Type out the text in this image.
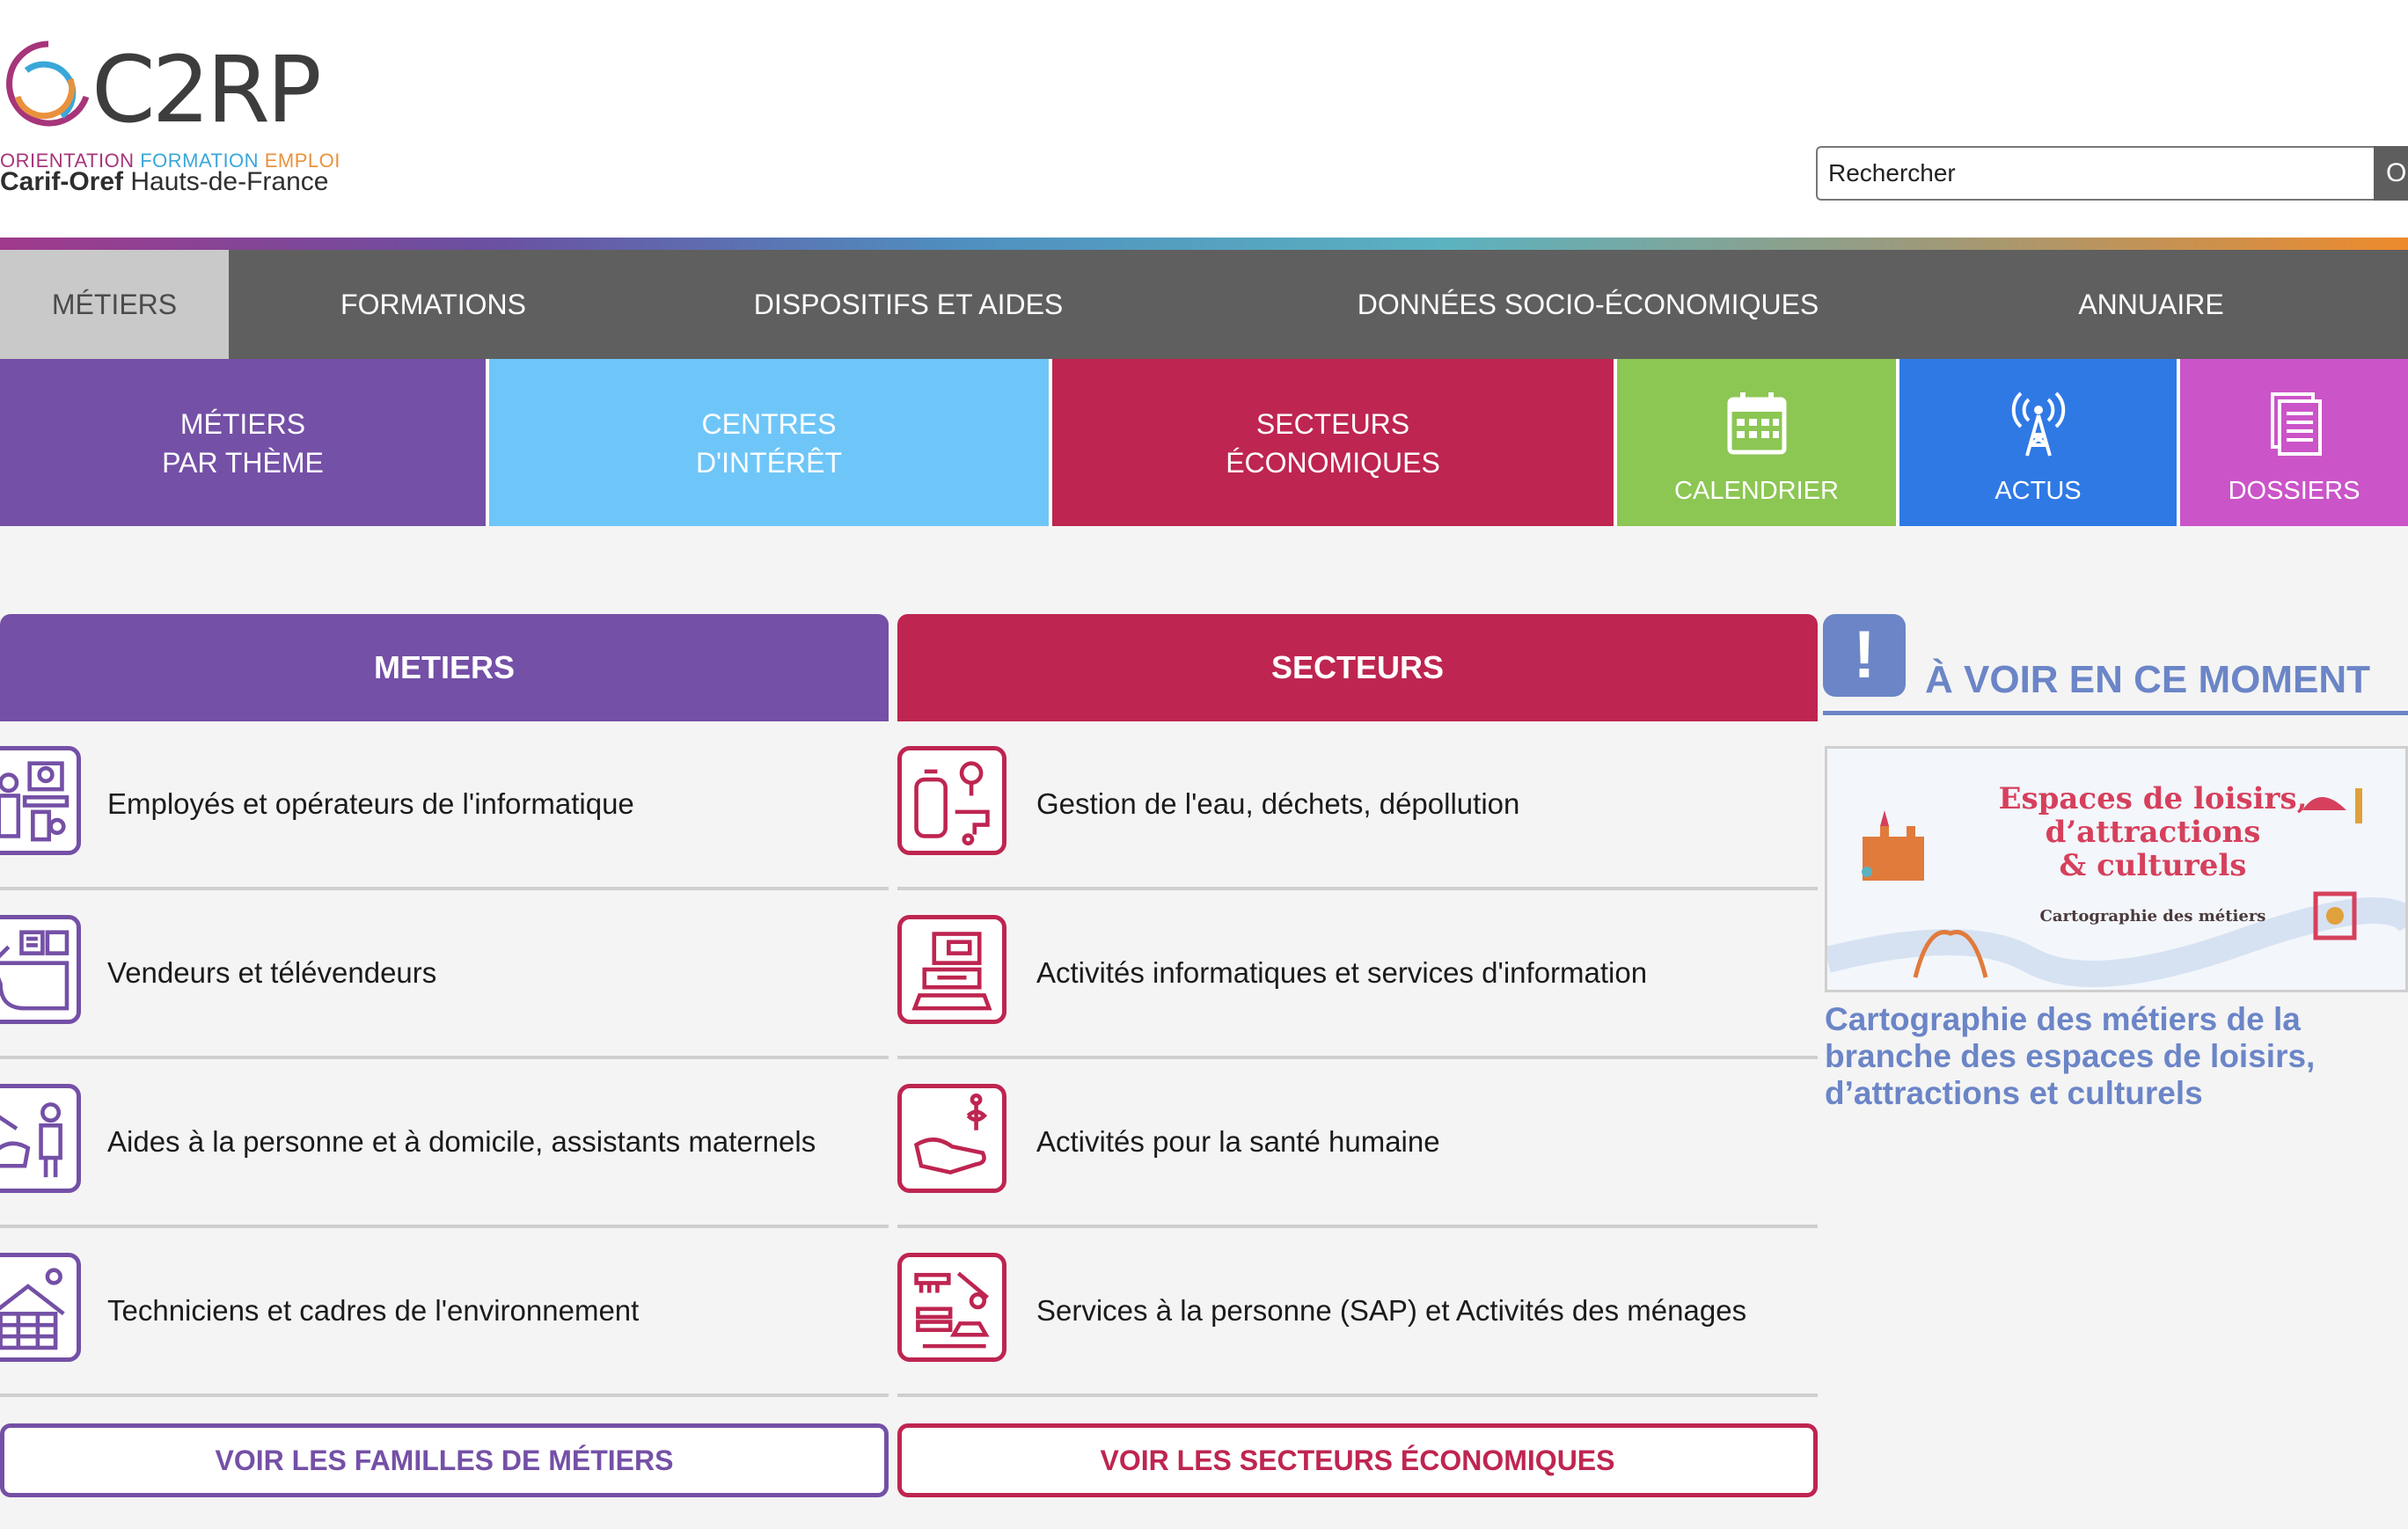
C2RP
ORIENTATION FORMATION EMPLOI
Carif-Oref Hauts-de-France
Rechercher	O
MÉTIERS	FORMATIONS	DISPOSITIFS ET AIDES	DONNÉES SOCIO-ÉCONOMIQUES	ANNUAIRE
MÉTIERS
PAR THÈME
CENTRES
D'INTÉRÊT
SECTEURS
ÉCONOMIQUES
CALENDRIER	ACTUS	DOSSIERS
METIERS
Employés et opérateurs de l'informatique
Vendeurs et télévendeurs
Aides à la personne et à domicile, assistants maternels
Techniciens et cadres de l'environnement
VOIR LES FAMILLES DE MÉTIERS
SECTEURS
Gestion de l'eau, déchets, dépollution
Activités informatiques et services d'information
Activités pour la santé humaine
Services à la personne (SAP) et Activités des ménages
VOIR LES SECTEURS ÉCONOMIQUES
!	À VOIR EN CE MOMENT
Espaces de loisirs,
d’attractions
& culturels
Cartographie des métiers
Cartographie des métiers de la branche des espaces de loisirs, d’attractions et culturels
